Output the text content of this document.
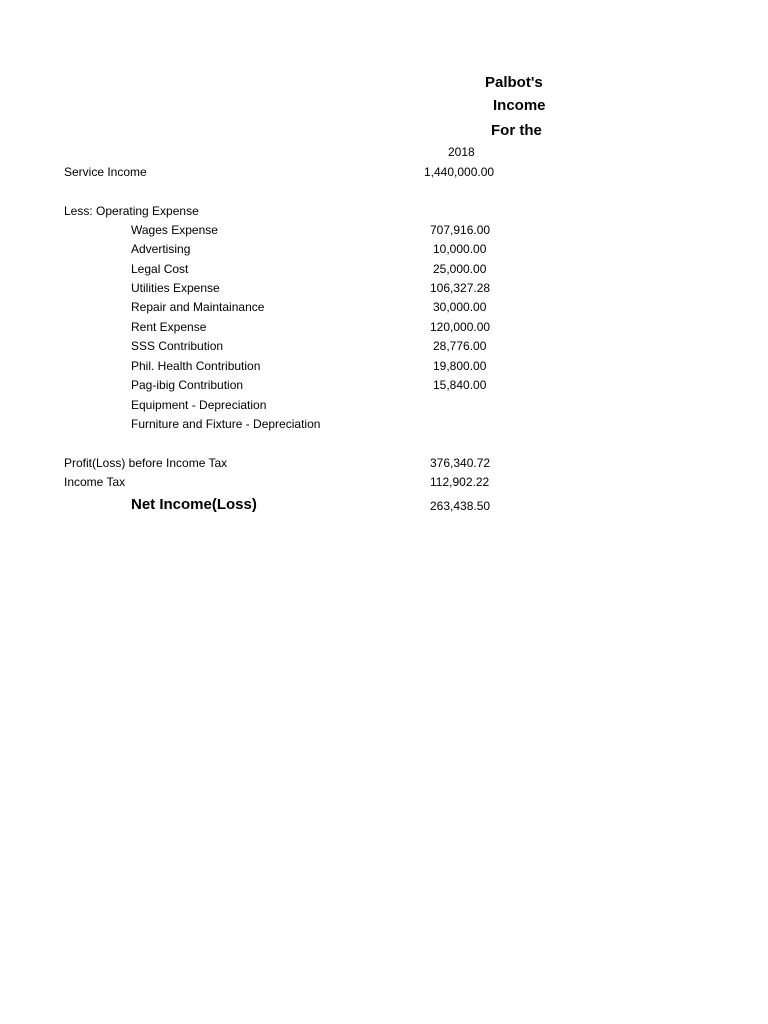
Palbot's
Income
For the
2018
Service Income	1,440,000.00
Less: Operating Expense
Wages Expense	707,916.00
Advertising	10,000.00
Legal Cost	25,000.00
Utilities Expense	106,327.28
Repair and Maintainance	30,000.00
Rent Expense	120,000.00
SSS Contribution	28,776.00
Phil. Health Contribution	19,800.00
Pag-ibig Contribution	15,840.00
Equipment - Depreciation
Furniture and Fixture - Depreciation
Profit(Loss) before Income Tax	376,340.72
Income Tax	112,902.22
Net Income(Loss)	263,438.50
